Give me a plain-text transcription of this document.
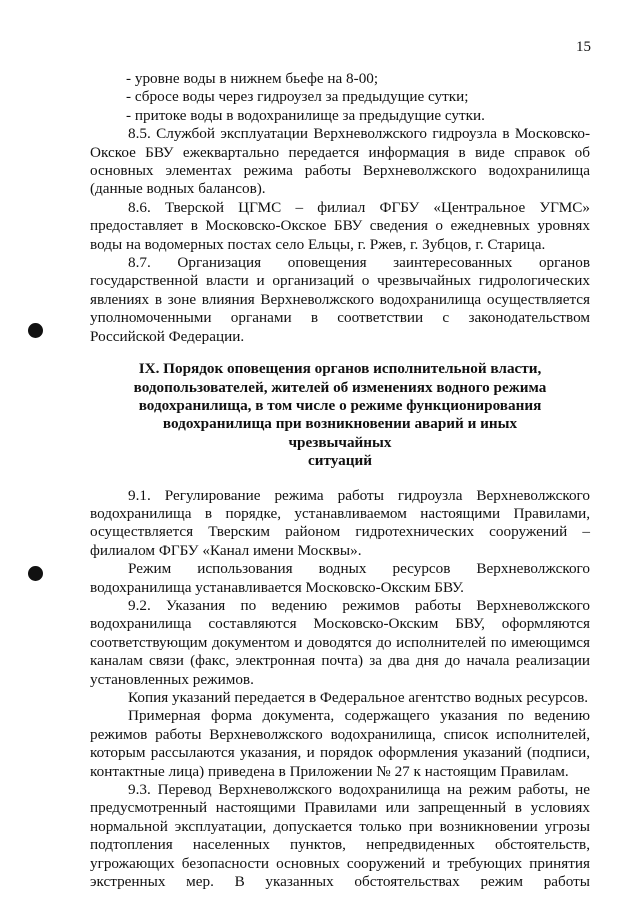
15

- уровне воды в нижнем бьефе на 8-00;

- сбросе воды через гидроузел за предыдущие сутки;

- притоке воды в водохранилище за предыдущие сутки.

8.5. Службой эксплуатации Верхневолжского гидроузла в Московско-Окское БВУ ежеквартально передается информация в виде справок об основных элементах режима работы Верхневолжского водохранилища (данные водных балансов).

8.6. Тверской ЦГМС – филиал ФГБУ «Центральное УГМС» предоставляет в Московско-Окское БВУ сведения о ежедневных уровнях воды на водомерных постах село Ельцы, г. Ржев, г. Зубцов, г. Старица.

8.7. Организация оповещения заинтересованных органов государственной власти и организаций о чрезвычайных гидрологических явлениях в зоне влияния Верхневолжского водохранилища осуществляется уполномоченными органами в соответствии с законодательством Российской Федерации.

IX. Порядок оповещения органов исполнительной власти,
водопользователей, жителей об изменениях водного режима
водохранилища, в том числе о режиме функционирования
водохранилища при возникновении аварий и иных чрезвычайных
ситуаций

9.1. Регулирование режима работы гидроузла Верхневолжского водохранилища в порядке, устанавливаемом настоящими Правилами, осуществляется Тверским районом гидротехнических сооружений – филиалом ФГБУ «Канал имени Москвы».

Режим использования водных ресурсов Верхневолжского водохранилища устанавливается Московско-Окским БВУ.

9.2. Указания по ведению режимов работы Верхневолжского водохранилища составляются Московско-Окским БВУ, оформляются соответствующим документом и доводятся до исполнителей по имеющимся каналам связи (факс, электронная почта) за два дня до начала реализации установленных режимов.

Копия указаний передается в Федеральное агентство водных ресурсов.

Примерная форма документа, содержащего указания по ведению режимов работы Верхневолжского водохранилища, список исполнителей, которым рассылаются указания, и порядок оформления указаний (подписи, контактные лица) приведена в Приложении № 27 к настоящим Правилам.

9.3. Перевод Верхневолжского водохранилища на режим работы, не предусмотренный настоящими Правилами или запрещенный в условиях нормальной эксплуатации, допускается только при возникновении угрозы подтопления населенных пунктов, непредвиденных обстоятельств, угрожающих безопасности основных сооружений и требующих принятия экстренных мер. В указанных обстоятельствах режим работы
